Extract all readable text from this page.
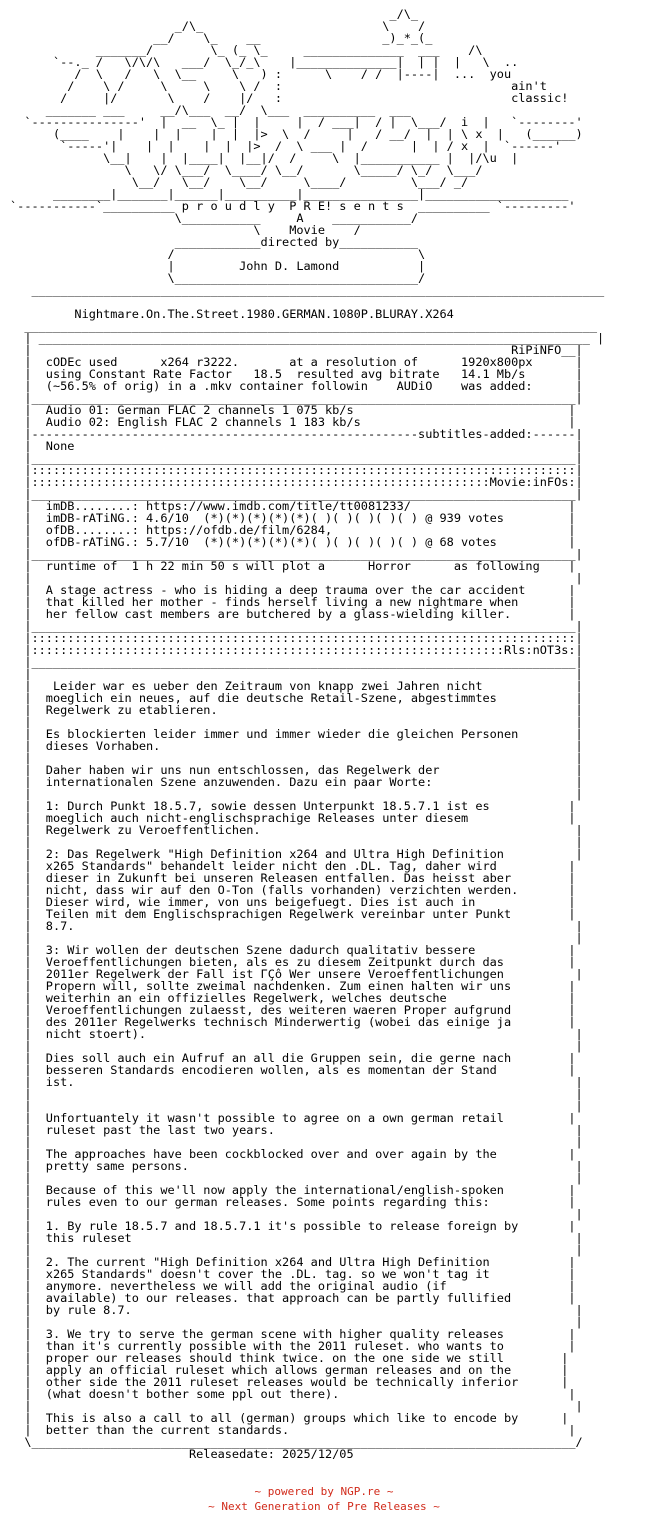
_/\_
_/\_                         \    /
__/    \_    __                 _)_*_(_
_______/        \_ (_ \_     ______________  ___    /\
`--._ /   \/\/\   ___/  \_/_\    |______________|  | |  |   \  ..
/  \   /   \  \__     \   ) :      \    / /  |----|  ...  you
/    \ /     \     \    \ /  :                                ain't
/     |/       \    /    |/   :                                classic!
_______ ___     __/\___  __/  \___  __________  ___
`---------------'  |  __  \_ |  |     |  / ___|  / |  \___/  i  |   `--------'
(____    |    |  |    |  |  |>  \  /     |   / __/  |  | \ x  |   (______)
`-----'|    |  |    |  |  |>  /  \ ___ |  /      |  | / x  |  `------'
\__|    |  |____|  |__|/  /     \  |___________ |  |/\u  |
\   \/ \___/  \____/ \__/       \_____/ \_/  \___/
\__/   \__/    \__/     \____/         \___/ _/
________|_______|______|__________|________________|____________________
`-----------`__________ p r o u d l y  P R E! s e n t s  __________ `---------'
\___________     A    ___________/
\    Movie    /
____________directed by___________
/                                  \
|         John D. Lamond           |
\__________________________________/
________________________________________________________________________________

Nightmare.On.The.Street.1980.GERMAN.1080P.BLURAY.X264
________________________________________________________________________________
| _____________________________________________________________________________ |
|                                                                   RiPiNFO__|
|  cODEc used      x264 r3222.       at a resolution of      1920x800px      |
|  using Constant Rate Factor   18.5  resulted avg bitrate   14.1 Mb/s       |
|  (~56.5% of orig) in a .mkv container followin    AUDiO    was added:      |
|____________________________________________________________________________|
|  Audio 01: German FLAC 2 channels 1 075 kb/s                              |
|  Audio 02: English FLAC 2 channels 1 183 kb/s                             |
|------------------------------------------------------subtitles-added:------|
|  None                                                                      |
|____________________________________________________________________________|
|::::::::::::::::::::::::::::::::::::::::::::::::::::::::::::::::::::::::::::|
|::::::::::::::::::::::::::::::::::::::::::::::::::::::::::::::::Movie:inFOs:|
|____________________________________________________________________________|
|  imDB........: https://www.imdb.com/title/tt0081233/                      |
|  imDB-rATiNG.: 4.6/10  (*)(*)(*)(*)(*)( )( )( )( )( ) @ 939 votes         |
|  ofDB........: https://ofdb.de/film/6284,                                 |
|  ofDB-rATiNG.: 5.7/10  (*)(*)(*)(*)(*)( )( )( )( )( ) @ 68 votes          |
|____________________________________________________________________________|
|  runtime of  1 h 22 min 50 s will plot a      Horror      as following    |
|                                                                            |
|  A stage actress - who is hiding a deep trauma over the car accident      |
|  that killed her mother - finds herself living a new nightmare when       |
|  her fellow cast members are butchered by a glass-wielding killer.        |
|____________________________________________________________________________|
|::::::::::::::::::::::::::::::::::::::::::::::::::::::::::::::::::::::::::::|
|::::::::::::::::::::::::::::::::::::::::::::::::::::::::::::::::::Rls:nOT3s:|
|____________________________________________________________________________|
|                                                                            |
|   Leider war es ueber den Zeitraum von knapp zwei Jahren nicht             |
|  moeglich ein neues, auf die deutsche Retail-Szene, abgestimmtes           |
|  Regelwerk zu etablieren.                                                  |
|                                                                            |
|  Es blockierten leider immer und immer wieder die gleichen Personen        |
|  dieses Vorhaben.                                                          |
|                                                                            |
|  Daher haben wir uns nun entschlossen, das Regelwerk der                   |
|  internationalen Szene anzuwenden. Dazu ein paar Worte:                    |
|                                                                            |
|  1: Durch Punkt 18.5.7, sowie dessen Unterpunkt 18.5.7.1 ist es           |
|  moeglich auch nicht-englischsprachige Releases unter diesem              |
|  Regelwerk zu Veroeffentlichen.                                            |
|                                                                            |
|  2: Das Regelwerk "High Definition x264 and Ultra High Definition          |
|  x265 Standards" behandelt leider nicht den .DL. Tag, daher wird          |
|  dieser in Zukunft bei unseren Releasen entfallen. Das heisst aber        |
|  nicht, dass wir auf den O-Ton (falls vorhanden) verzichten werden.       |
|  Dieser wird, wie immer, von uns beigefuegt. Dies ist auch in             |
|  Teilen mit dem Englischsprachigen Regelwerk vereinbar unter Punkt        |
|  8.7.                                                                      |
|                                                                            |
|  3: Wir wollen der deutschen Szene dadurch qualitativ bessere             |
|  Veroeffentlichungen bieten, als es zu diesem Zeitpunkt durch das         |
|  2011er Regelwerk der Fall ist ΓÇô Wer unsere Veroeffentlichungen          |
|  Propern will, sollte zweimal nachdenken. Zum einen halten wir uns        |
|  weiterhin an ein offizielles Regelwerk, welches deutsche                 |
|  Veroeffentlichungen zulaesst, des weiteren waeren Proper aufgrund        |
|  des 2011er Regelwerks technisch Minderwertig (wobei das einige ja        |
|  nicht stoert).                                                            |
|                                                                            |
|  Dies soll auch ein Aufruf an all die Gruppen sein, die gerne nach        |
|  besseren Standards encodieren wollen, als es momentan der Stand          |
|  ist.                                                                      |
|                                                                            |
|                                                                            |
|  Unfortuantely it wasn't possible to agree on a own german retail         |
|  ruleset past the last two years.                                          |
|                                                                            |
|  The approaches have been cockblocked over and over again by the          |
|  pretty same persons.                                                      |
|                                                                            |
|  Because of this we'll now apply the international/english-spoken         |
|  rules even to our german releases. Some points regarding this:           |
|                                                                            |
|  1. By rule 18.5.7 and 18.5.7.1 it's possible to release foreign by       |
|  this ruleset                                                              |
|                                                                            |
|  2. The current "High Definition x264 and Ultra High Definition           |
|  x265 Standards" doesn't cover the .DL. tag. so we won't tag it           |
|  anymore. nevertheless we will add the original audio (if                 |
|  available) to our releases. that approach can be partly fullified        |
|  by rule 8.7.                                                              |
|                                                                            |
|  3. We try to serve the german scene with higher quality releases         |
|  than it's currently possible with the 2011 ruleset. who wants to         |
|  proper our releases should think twice. on the one side we still        |
|  apply an official ruleset which allows german releases and on the       |
|  other side the 2011 ruleset releases would be technically inferior      |
|  (what doesn't bother some ppl out there).                                |
|                                                                            |
|  This is also a call to all (german) groups which like to encode by      |
|  better than the current standards.                                       |
\____________________________________________________________________________/
Releasedate: 2025/12/05

~ powered by NGP.re ~
~ Next Generation of Pre Releases ~
